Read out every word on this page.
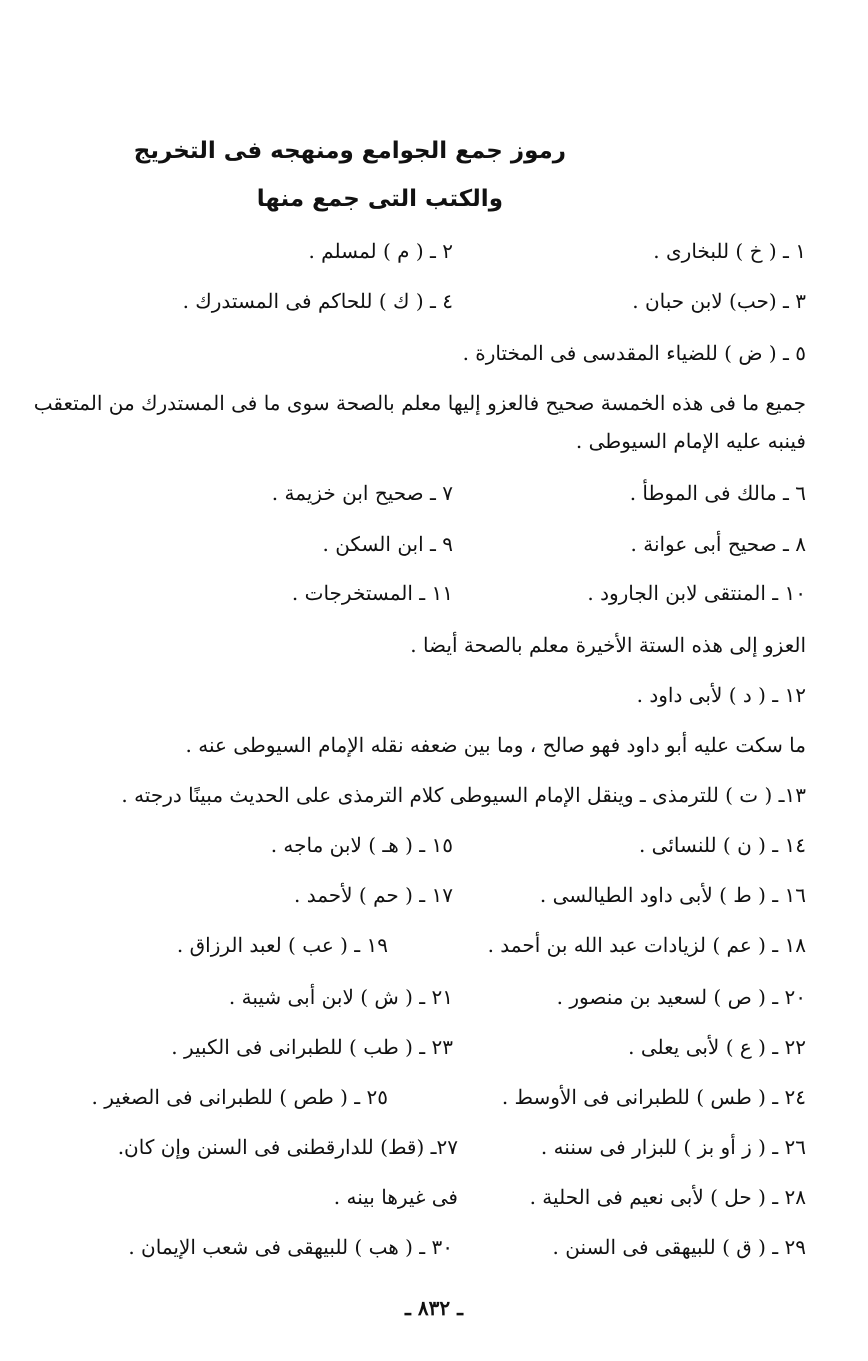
رموز جمع الجوامع ومنهجه فى التخريج
والكتب التى جمع منها
١ ـ ( خ ) للبخارى .
٢ ـ ( م ) لمسلم .
٣ ـ (حب) لابن حبان .
٤ ـ ( ك ) للحاكم فى المستدرك .
٥ ـ ( ض ) للضياء المقدسى فى المختارة .
جميع ما فى هذه الخمسة صحيح فالعزو إليها معلم بالصحة سوى ما فى المستدرك من المتعقب
فينبه عليه الإمام السيوطى .
٦ ـ مالك فى الموطأ .
٧ ـ صحيح ابن خزيمة .
٨ ـ صحيح أبى عوانة .
٩ ـ ابن السكن .
١٠ ـ المنتقى لابن الجارود .
١١ ـ المستخرجات .
العزو إلى هذه الستة الأخيرة معلم بالصحة أيضا .
١٢ ـ ( د ) لأبى داود .
ما سكت عليه أبو داود فهو صالح ، وما بين ضعفه نقله الإمام السيوطى عنه .
١٣ـ ( ت ) للترمذى ـ وينقل الإمام السيوطى كلام الترمذى على الحديث مبينًا درجته .
١٤ ـ ( ن ) للنسائى .
١٥ ـ ( هـ ) لابن ماجه .
١٦ ـ ( ط ) لأبى داود الطيالسى .
١٧ ـ ( حم ) لأحمد .
١٨ ـ ( عم ) لزيادات عبد الله بن أحمد .
١٩ ـ ( عب ) لعبد الرزاق .
٢٠ ـ ( ص ) لسعيد بن منصور .
٢١ ـ ( ش ) لابن أبى شيبة .
٢٢ ـ ( ع ) لأبى يعلى .
٢٣ ـ ( طب ) للطبرانى فى الكبير .
٢٤ ـ ( طس ) للطبرانى فى الأوسط .
٢٥ ـ ( طص ) للطبرانى فى الصغير .
٢٦ ـ ( ز أو بز ) للبزار فى سننه .
٢٧ـ (قط) للدارقطنى فى السنن وإن كان.
٢٨ ـ ( حل ) لأبى نعيم فى الحلية .
فى غيرها بينه .
٢٩ ـ ( ق ) للبيهقى فى السنن .
٣٠ ـ ( هب ) للبيهقى فى شعب الإيمان .
ـ ٨٣٢ ـ
